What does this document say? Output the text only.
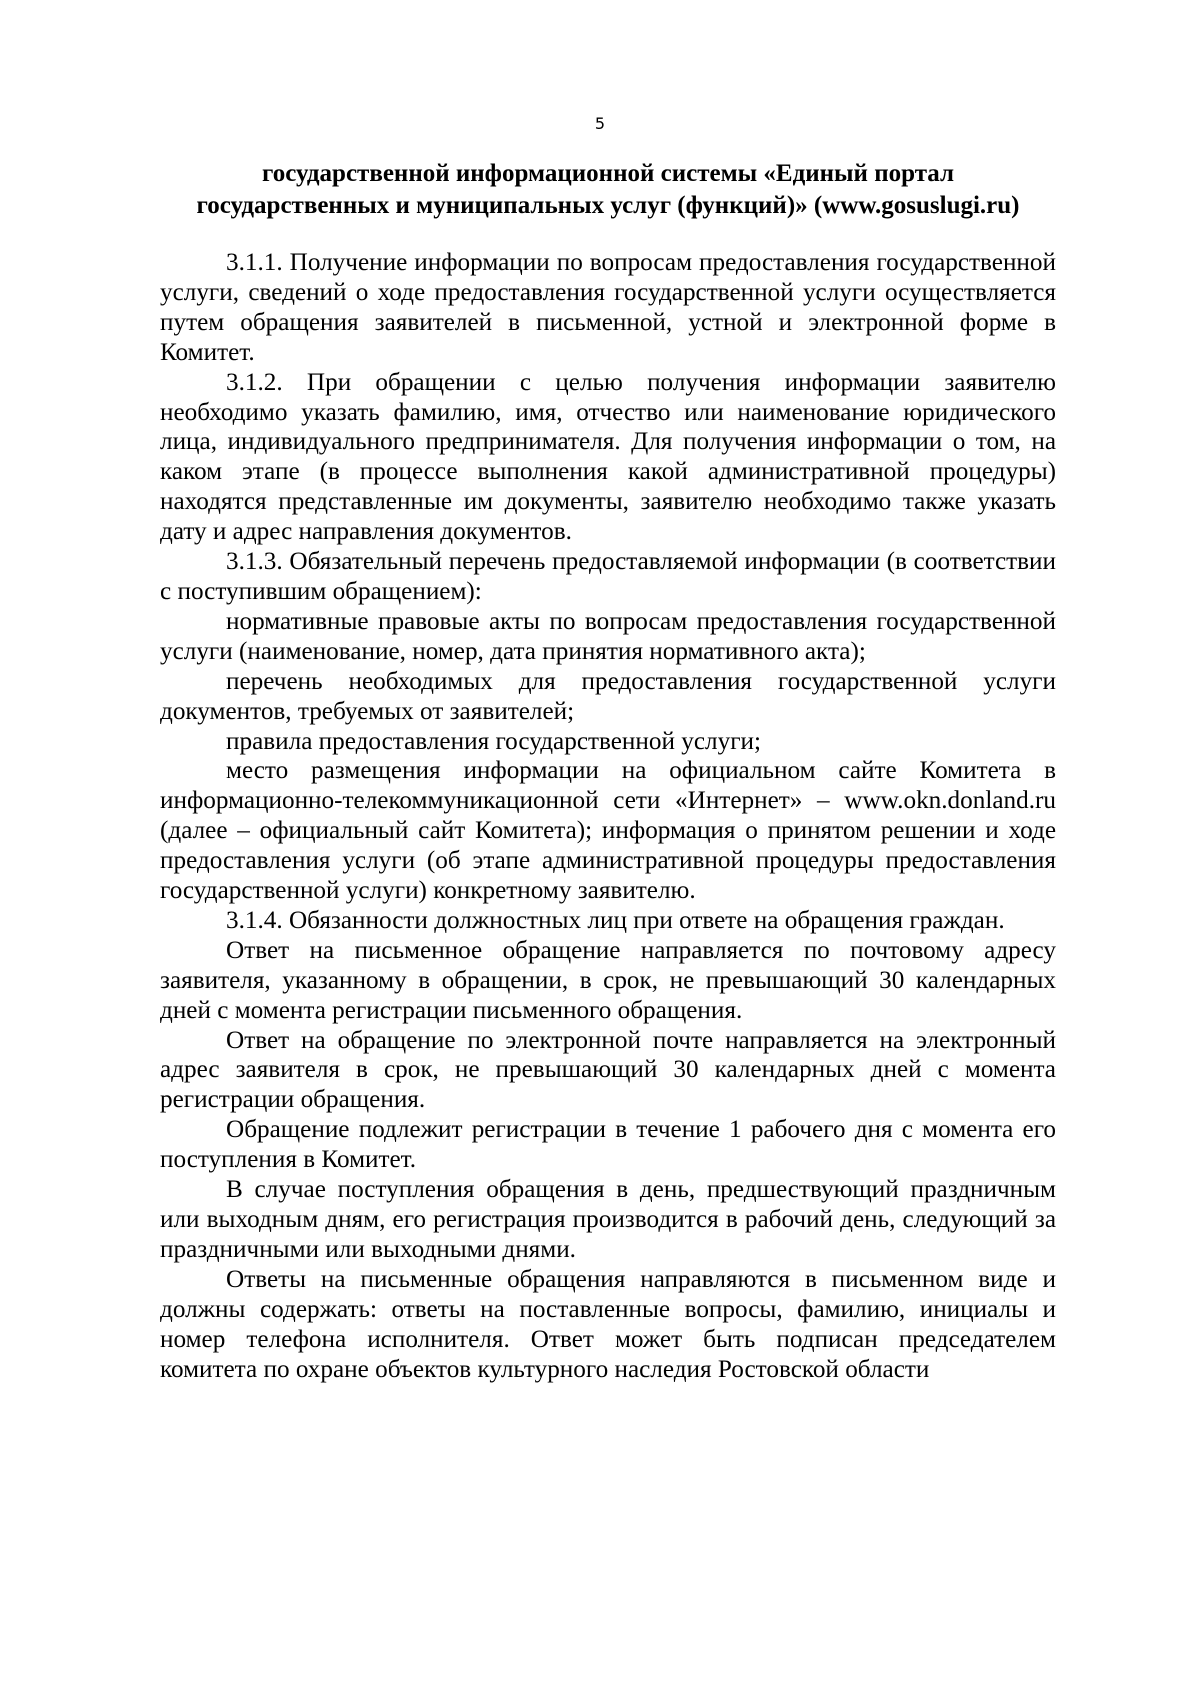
5
государственной информационной системы «Единый портал
государственных и муниципальных услуг (функций)» (www.gosuslugi.ru)

3.1.1. Получение информации по вопросам предоставления государственной услуги, сведений о ходе предоставления государственной услуги осуществляется путем обращения заявителей в письменной, устной и электронной форме в Комитет.

3.1.2. При обращении с целью получения информации заявителю необходимо указать фамилию, имя, отчество или наименование юридического лица, индивидуального предпринимателя. Для получения информации о том, на каком этапе (в процессе выполнения какой административной процедуры) находятся представленные им документы, заявителю необходимо также указать дату и адрес направления документов.

3.1.3. Обязательный перечень предоставляемой информации (в соответствии с поступившим обращением):

нормативные правовые акты по вопросам предоставления государственной услуги (наименование, номер, дата принятия нормативного акта);

перечень необходимых для предоставления государственной услуги документов, требуемых от заявителей;

правила предоставления государственной услуги;

место размещения информации на официальном сайте Комитета в информационно-телекоммуникационной сети «Интернет» – www.okn.donland.ru (далее – официальный сайт Комитета); информация о принятом решении и ходе предоставления услуги (об этапе административной процедуры предоставления государственной услуги) конкретному заявителю.

3.1.4. Обязанности должностных лиц при ответе на обращения граждан.

Ответ на письменное обращение направляется по почтовому адресу заявителя, указанному в обращении, в срок, не превышающий 30 календарных дней с момента регистрации письменного обращения.

Ответ на обращение по электронной почте направляется на электронный адрес заявителя в срок, не превышающий 30 календарных дней с момента регистрации обращения.

Обращение подлежит регистрации в течение 1 рабочего дня с момента его поступления в Комитет.

В случае поступления обращения в день, предшествующий праздничным или выходным дням, его регистрация производится в рабочий день, следующий за праздничными или выходными днями.

Ответы на письменные обращения направляются в письменном виде и должны содержать: ответы на поставленные вопросы, фамилию, инициалы и номер телефона исполнителя. Ответ может быть подписан председателем комитета по охране объектов культурного наследия Ростовской области
